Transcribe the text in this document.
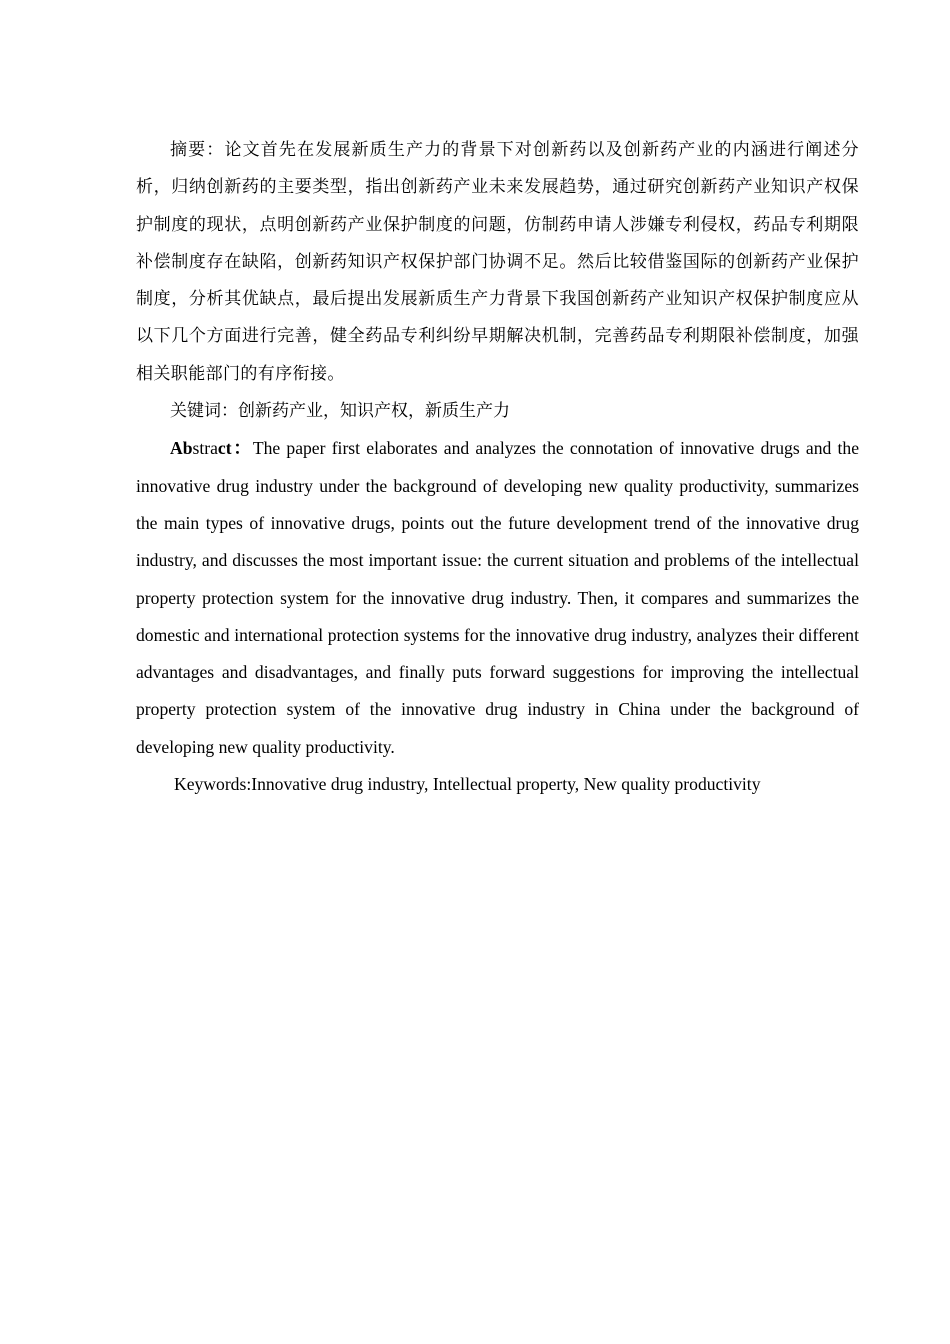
摘要：论文首先在发展新质生产力的背景下对创新药以及创新药产业的内涵进行阐述分析，归纳创新药的主要类型，指出创新药产业未来发展趋势，通过研究创新药产业知识产权保护制度的现状，点明创新药产业保护制度的问题，仿制药申请人涉嫌专利侵权，药品专利期限补偿制度存在缺陷，创新药知识产权保护部门协调不足。然后比较借鉴国际的创新药产业保护制度，分析其优缺点，最后提出发展新质生产力背景下我国创新药产业知识产权保护制度应从以下几个方面进行完善，健全药品专利纠纷早期解决机制，完善药品专利期限补偿制度，加强相关职能部门的有序衔接。

关键词：创新药产业，知识产权，新质生产力

Abstract：The paper first elaborates and analyzes the connotation of innovative drugs and the innovative drug industry under the background of developing new quality productivity, summarizes the main types of innovative drugs, points out the future development trend of the innovative drug industry, and discusses the most important issue: the current situation and problems of the intellectual property protection system for the innovative drug industry. Then, it compares and summarizes the domestic and international protection systems for the innovative drug industry, analyzes their different advantages and disadvantages, and finally puts forward suggestions for improving the intellectual property protection system of the innovative drug industry in China under the background of developing new quality productivity.

Keywords:Innovative drug industry, Intellectual property, New quality productivity
